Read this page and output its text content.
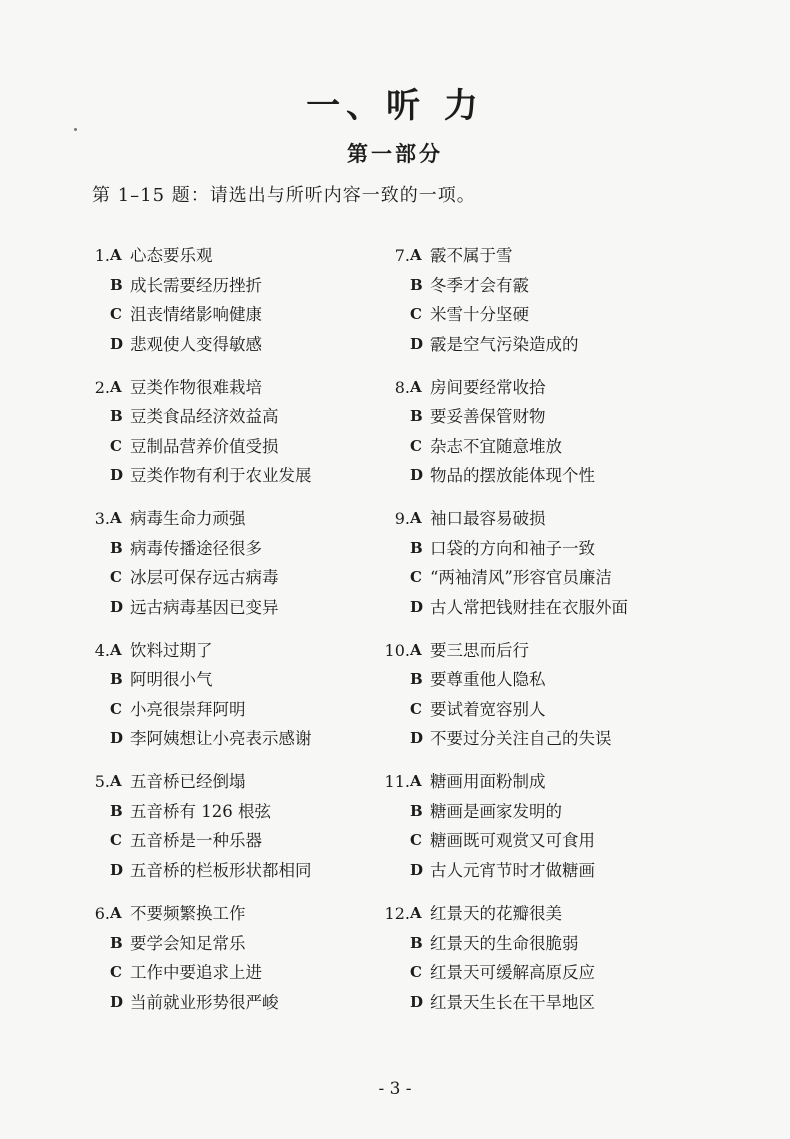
一、听 力
第一部分
第 1–15 题：请选出与所听内容一致的一项。
1. A 心态要乐观
B 成长需要经历挫折
C 沮丧情绪影响健康
D 悲观使人变得敏感
2. A 豆类作物很难栽培
B 豆类食品经济效益高
C 豆制品营养价值受损
D 豆类作物有利于农业发展
3. A 病毒生命力顽强
B 病毒传播途径很多
C 冰层可保存远古病毒
D 远古病毒基因已变异
4. A 饮料过期了
B 阿明很小气
C 小亮很崇拜阿明
D 李阿姨想让小亮表示感谢
5. A 五音桥已经倒塌
B 五音桥有 126 根弦
C 五音桥是一种乐器
D 五音桥的栏板形状都相同
6. A 不要频繁换工作
B 要学会知足常乐
C 工作中要追求上进
D 当前就业形势很严峻
7. A 霰不属于雪
B 冬季才会有霰
C 米雪十分坚硬
D 霰是空气污染造成的
8. A 房间要经常收拾
B 要妥善保管财物
C 杂志不宜随意堆放
D 物品的摆放能体现个性
9. A 袖口最容易破损
B 口袋的方向和袖子一致
C “两袖清风”形容官员廉洁
D 古人常把钱财挂在衣服外面
10. A 要三思而后行
B 要尊重他人隐私
C 要试着宽容别人
D 不要过分关注自己的失误
11. A 糖画用面粉制成
B 糖画是画家发明的
C 糖画既可观赏又可食用
D 古人元宵节时才做糖画
12. A 红景天的花瓣很美
B 红景天的生命很脆弱
C 红景天可缓解高原反应
D 红景天生长在干旱地区
- 3 -
